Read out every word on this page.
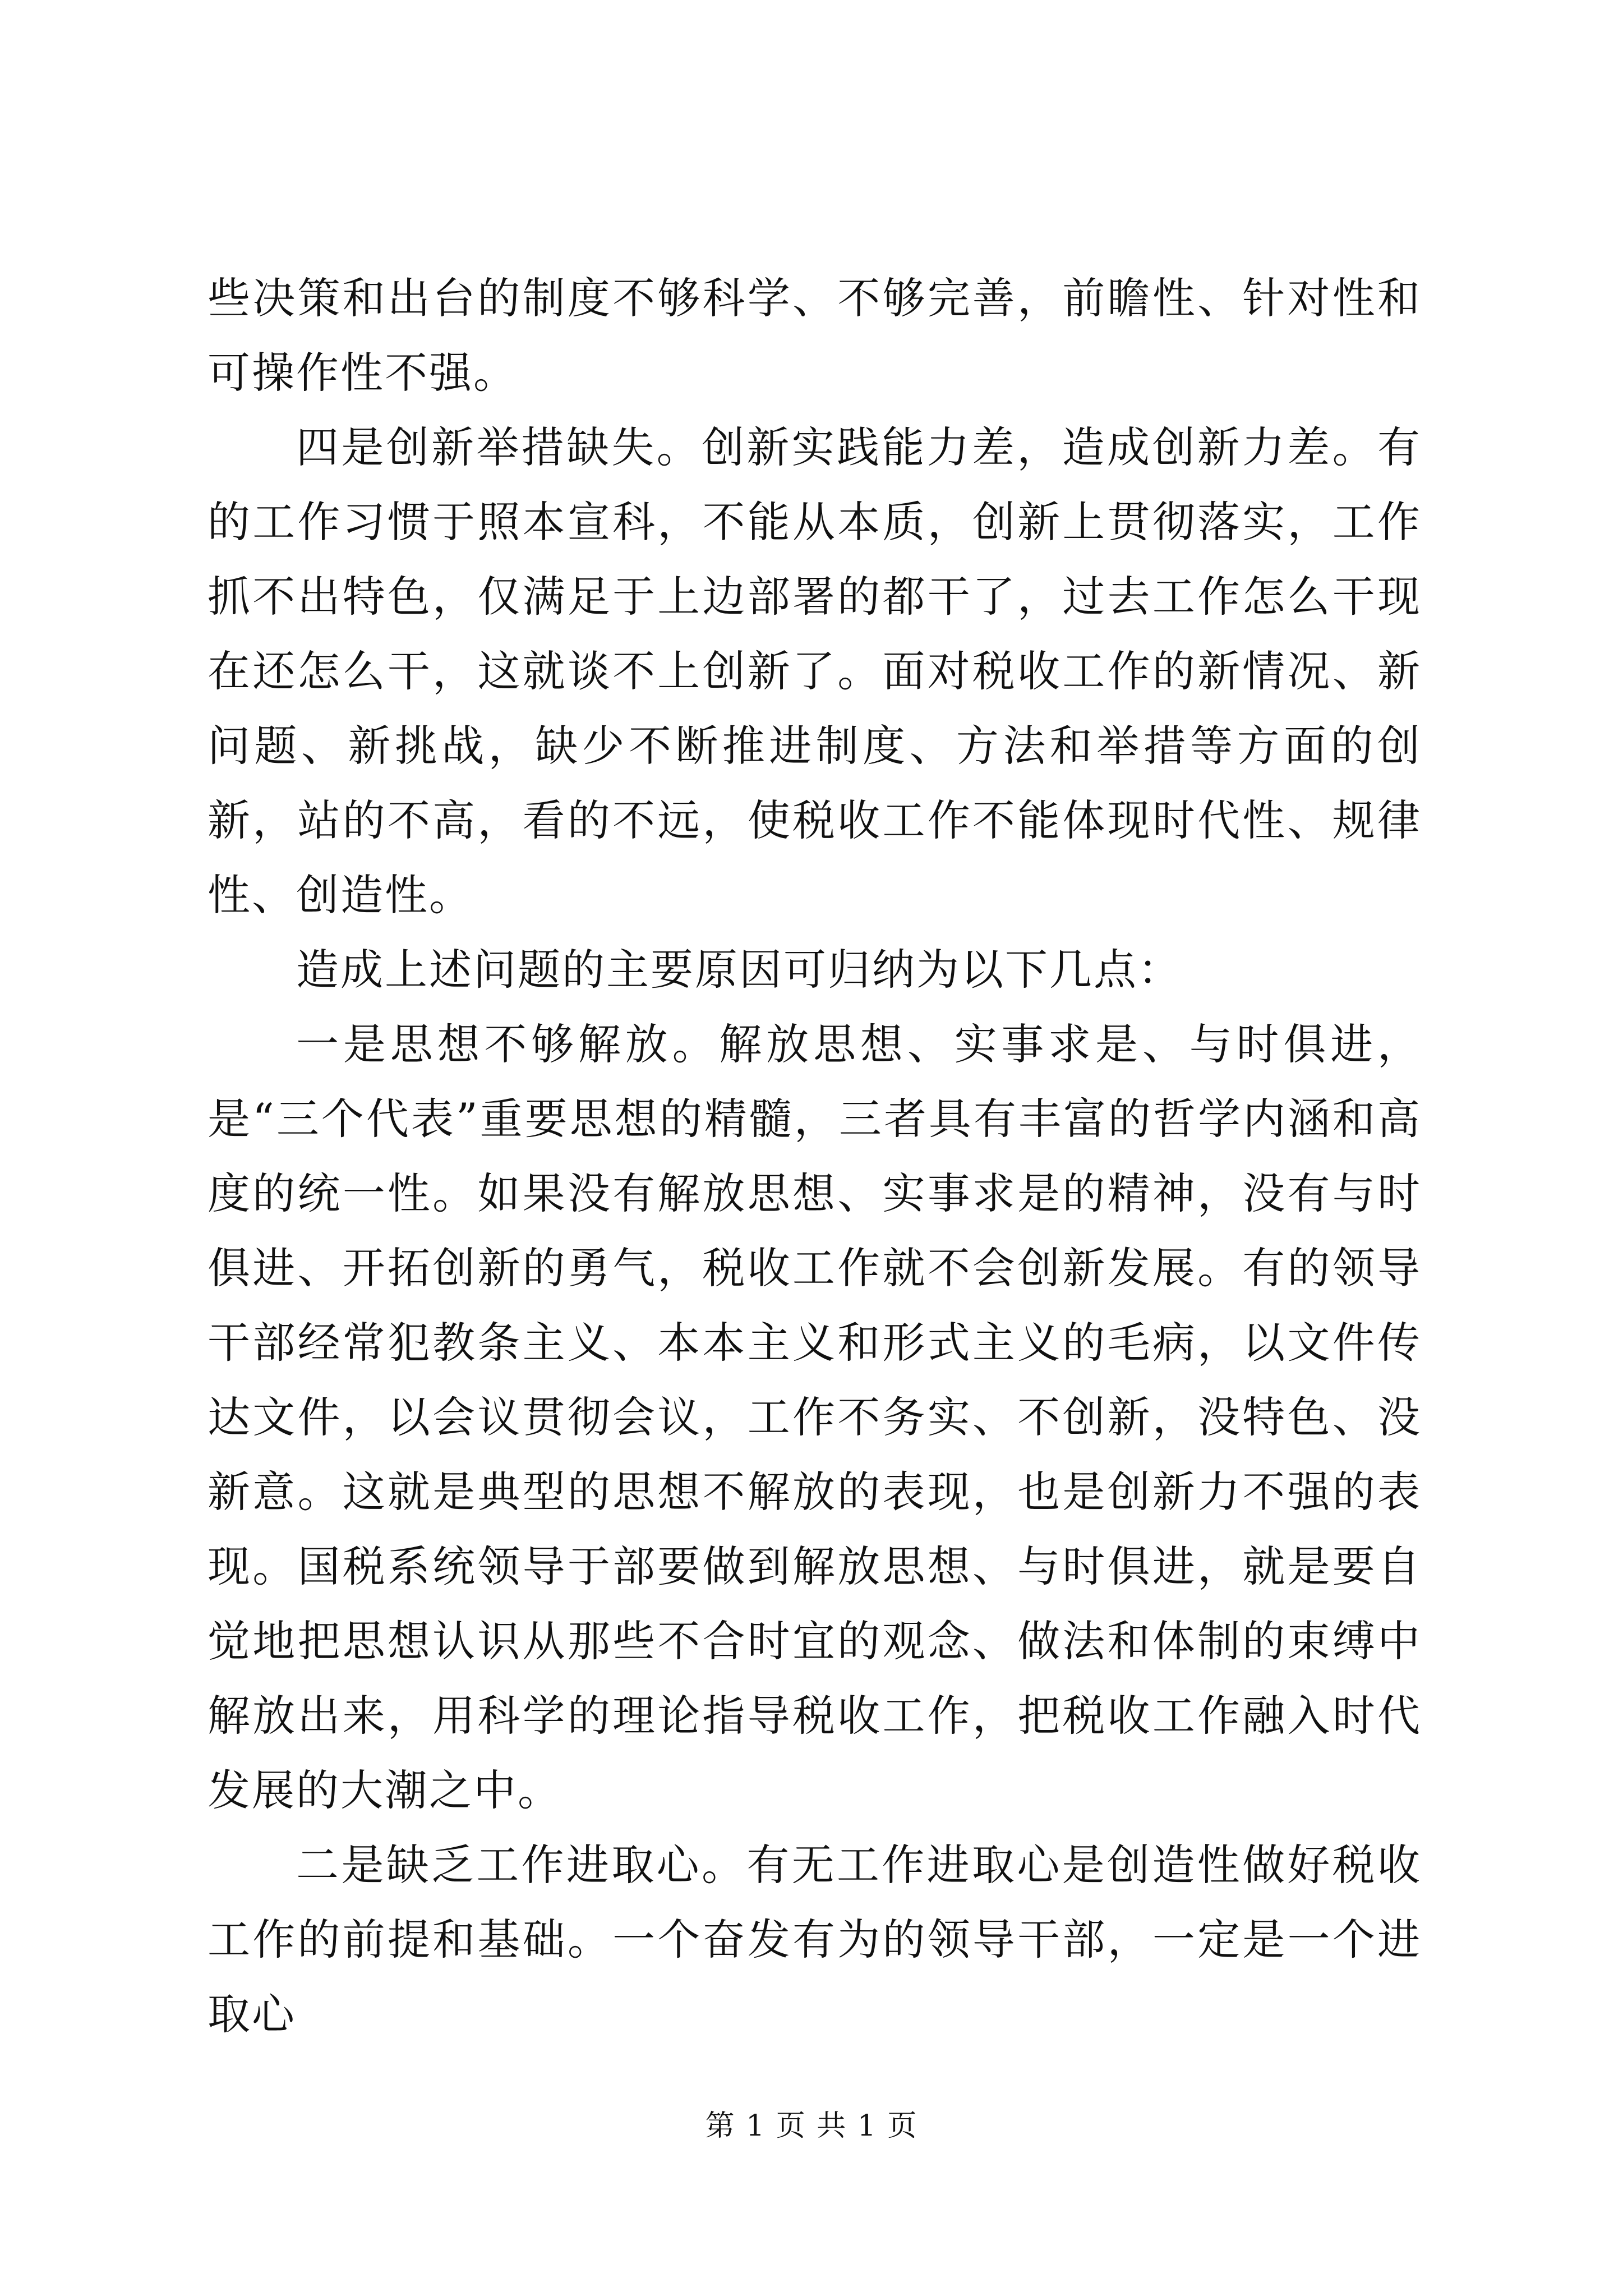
些决策和出台的制度不够科学、不够完善，前瞻性、针对性和可操作性不强。

四是创新举措缺失。创新实践能力差，造成创新力差。有的工作习惯于照本宣科，不能从本质，创新上贯彻落实，工作抓不出特色，仅满足于上边部署的都干了，过去工作怎么干现在还怎么干，这就谈不上创新了。面对税收工作的新情况、新问题、新挑战，缺少不断推进制度、方法和举措等方面的创新，站的不高，看的不远，使税收工作不能体现时代性、规律性、创造性。

造成上述问题的主要原因可归纳为以下几点：

一是思想不够解放。解放思想、实事求是、与时俱进，是“三个代表”重要思想的精髓，三者具有丰富的哲学内涵和高度的统一性。如果没有解放思想、实事求是的精神，没有与时俱进、开拓创新的勇气，税收工作就不会创新发展。有的领导干部经常犯教条主义、本本主义和形式主义的毛病，以文件传达文件，以会议贯彻会议，工作不务实、不创新，没特色、没新意。这就是典型的思想不解放的表现，也是创新力不强的表现。国税系统领导于部要做到解放思想、与时俱进，就是要自觉地把思想认识从那些不合时宜的观念、做法和体制的束缚中解放出来，用科学的理论指导税收工作，把税收工作融入时代发展的大潮之中。

二是缺乏工作进取心。有无工作进取心是创造性做好税收工作的前提和基础。一个奋发有为的领导干部，一定是一个进取心

第 1 页 共 1 页
